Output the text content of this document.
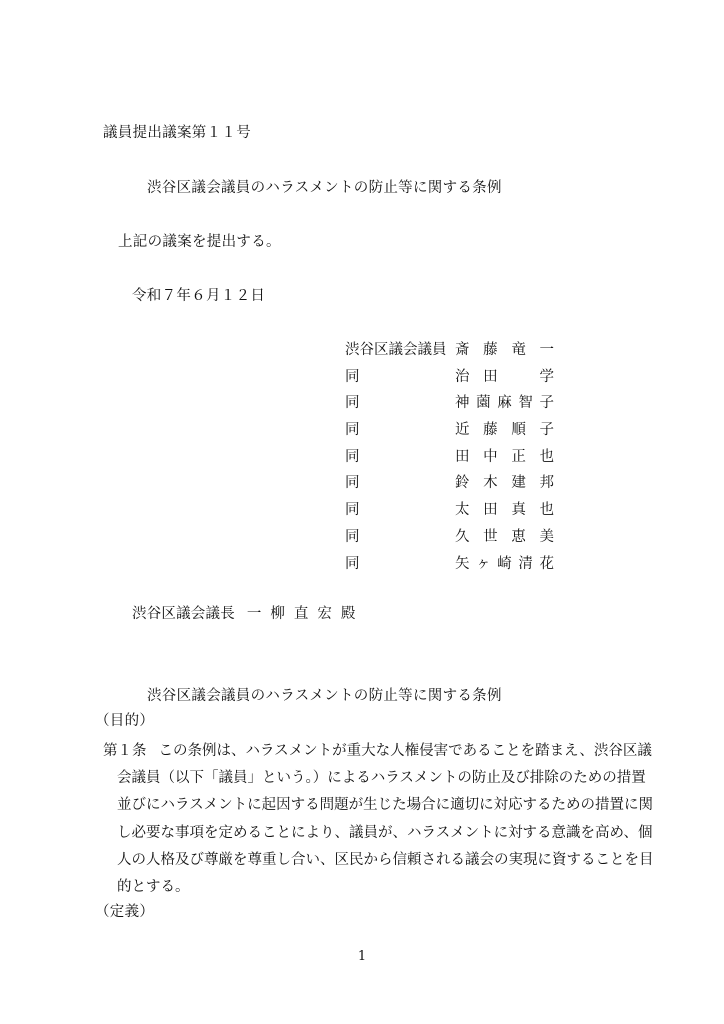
議員提出議案第１１号
渋谷区議会議員のハラスメントの防止等に関する条例
上記の議案を提出する。
令和７年６月１２日
渋谷区議会議員 斎藤竜一
同	治田　学
同	神薗麻智子
同	近藤順子
同	田中正也
同	鈴木建邦
同	太田真也
同	久世恵美
同	矢ヶ崎清花
渋谷区議会議長 一柳直宏殿
渋谷区議会議員のハラスメントの防止等に関する条例
（目的）
第１条 この条例は、ハラスメントが重大な人権侵害であることを踏まえ、渋谷区議
会議員（以下「議員」という。）によるハラスメントの防止及び排除のための措置
並びにハラスメントに起因する問題が生じた場合に適切に対応するための措置に関
し必要な事項を定めることにより、議員が、ハラスメントに対する意識を高め、個
人の人格及び尊厳を尊重し合い、区民から信頼される議会の実現に資することを目
的とする。
（定義）
1
